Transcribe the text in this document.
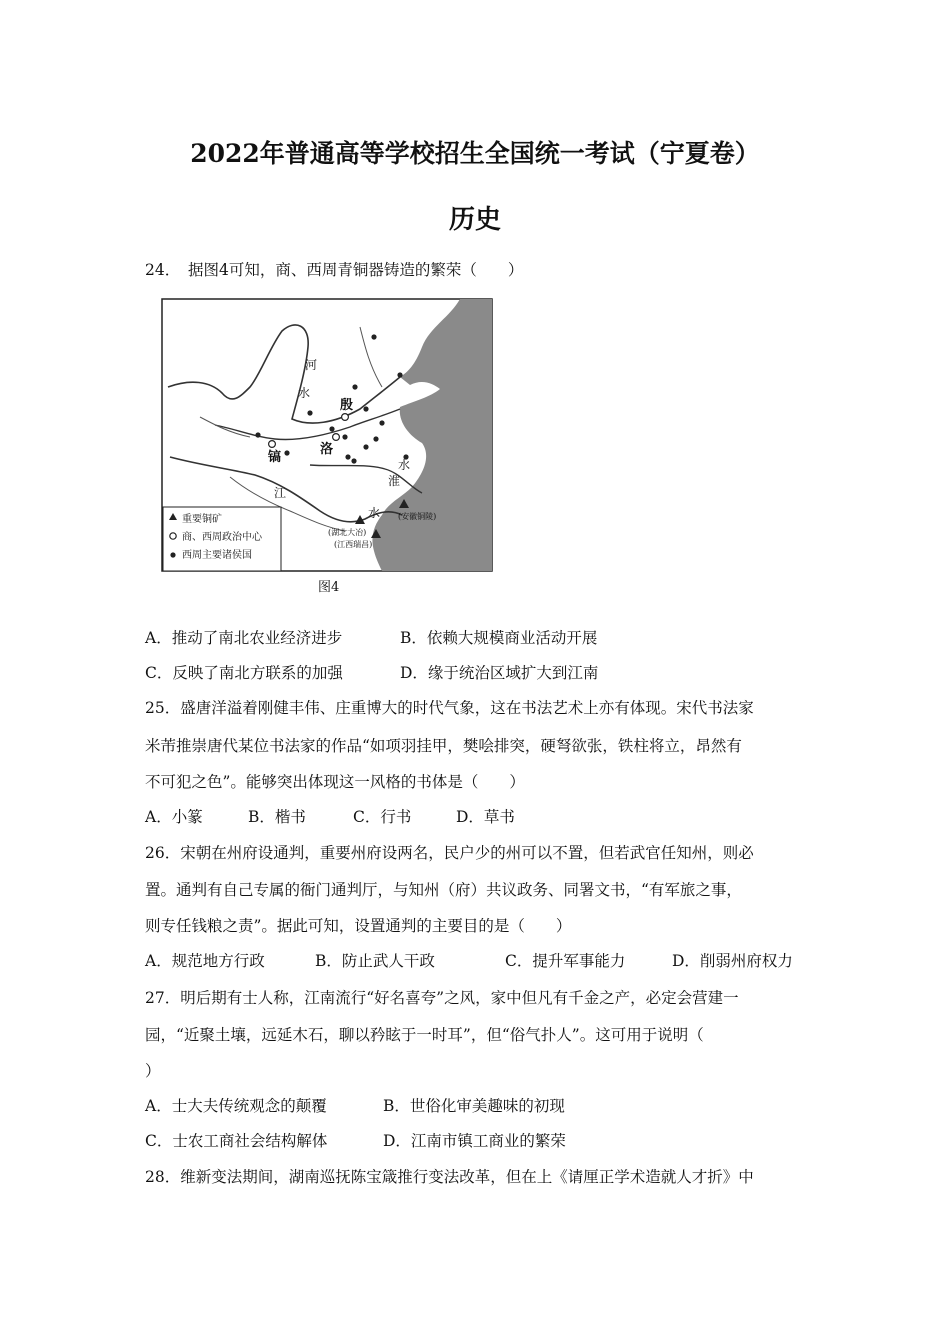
2022年普通高等学校招生全国统一考试（宁夏卷）
历史
24．　据图4可知，商、西周青铜器铸造的繁荣（　　）
河
水
殷
洛
镐	水
淮
江
水
(湖北大冶)
(江西瑞昌)
(安徽铜陵)
重要铜矿
商、西周政治中心
西周主要诸侯国
图4
A．推动了南北农业经济进步	B．依赖大规模商业活动开展
C．反映了南北方联系的加强	D．缘于统治区域扩大到江南
25．盛唐洋溢着刚健丰伟、庄重博大的时代气象，这在书法艺术上亦有体现。宋代书法家
米芾推崇唐代某位书法家的作品“如项羽挂甲，樊哙排突，硬弩欲张，铁柱将立，昂然有
不可犯之色”。能够突出体现这一风格的书体是（　　）
A．小篆	B．楷书	C．行书	D．草书
26．宋朝在州府设通判，重要州府设两名，民户少的州可以不置，但若武官任知州，则必
置。通判有自己专属的衙门通判厅，与知州（府）共议政务、同署文书，“有军旅之事，
则专任钱粮之责”。据此可知，设置通判的主要目的是（　　）
A．规范地方行政	B．防止武人干政	C．提升军事能力	D．削弱州府权力
27．明后期有士人称，江南流行“好名喜夸”之风，家中但凡有千金之产，必定会营建一
园，“近聚土壤，远延木石，聊以矜眩于一时耳”，但“俗气扑人”。这可用于说明（
）
A．士大夫传统观念的颠覆	B．世俗化审美趣味的初现
C．士农工商社会结构解体	D．江南市镇工商业的繁荣
28．维新变法期间，湖南巡抚陈宝箴推行变法改革，但在上《请厘正学术造就人才折》中
